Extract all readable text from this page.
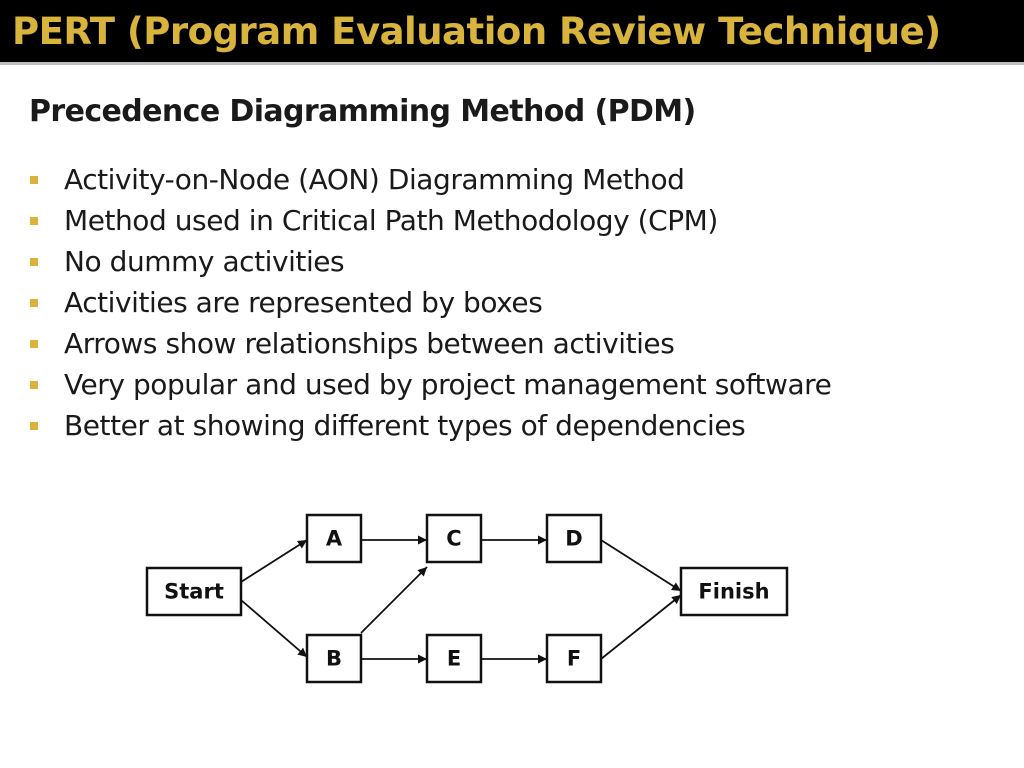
PERT (Program Evaluation Review Technique)
Precedence Diagramming Method (PDM)
Activity-on-Node (AON) Diagramming Method
Method used in Critical Path Methodology (CPM)
No dummy activities
Activities are represented by boxes
Arrows show relationships between activities
Very popular and used by project management software
Better at showing different types of dependencies
Start
A
B
C	D
E	F
Finish
